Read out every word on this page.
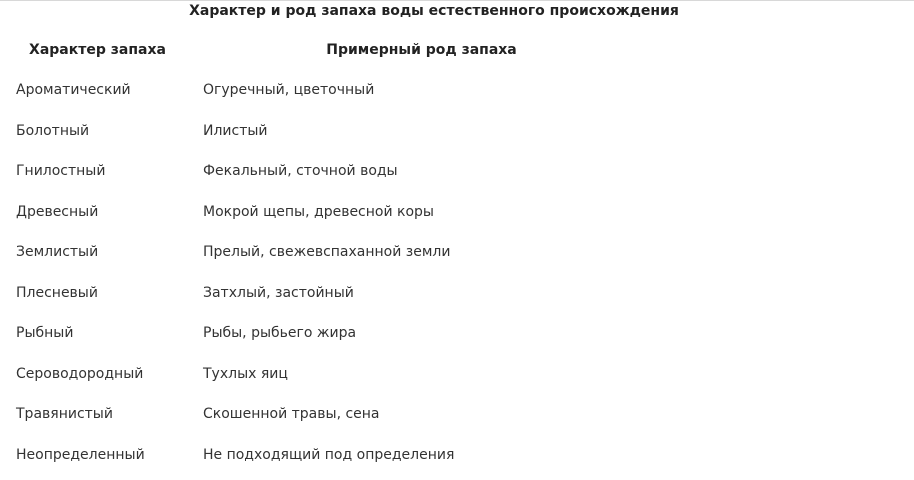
Характер и род запаха воды естественного происхождения
Характер запаха	Примерный род запаха
Ароматический	Огуречный, цветочный
Болотный	Илистый
Гнилостный	Фекальный, сточной воды
Древесный	Мокрой щепы, древесной коры
Землистый	Прелый, свежевспаханной земли
Плесневый	Затхлый, застойный
Рыбный	Рыбы, рыбьего жира
Сероводородный	Тухлых яиц
Травянистый	Скошенной травы, сена
Неопределенный	Не подходящий под определения
